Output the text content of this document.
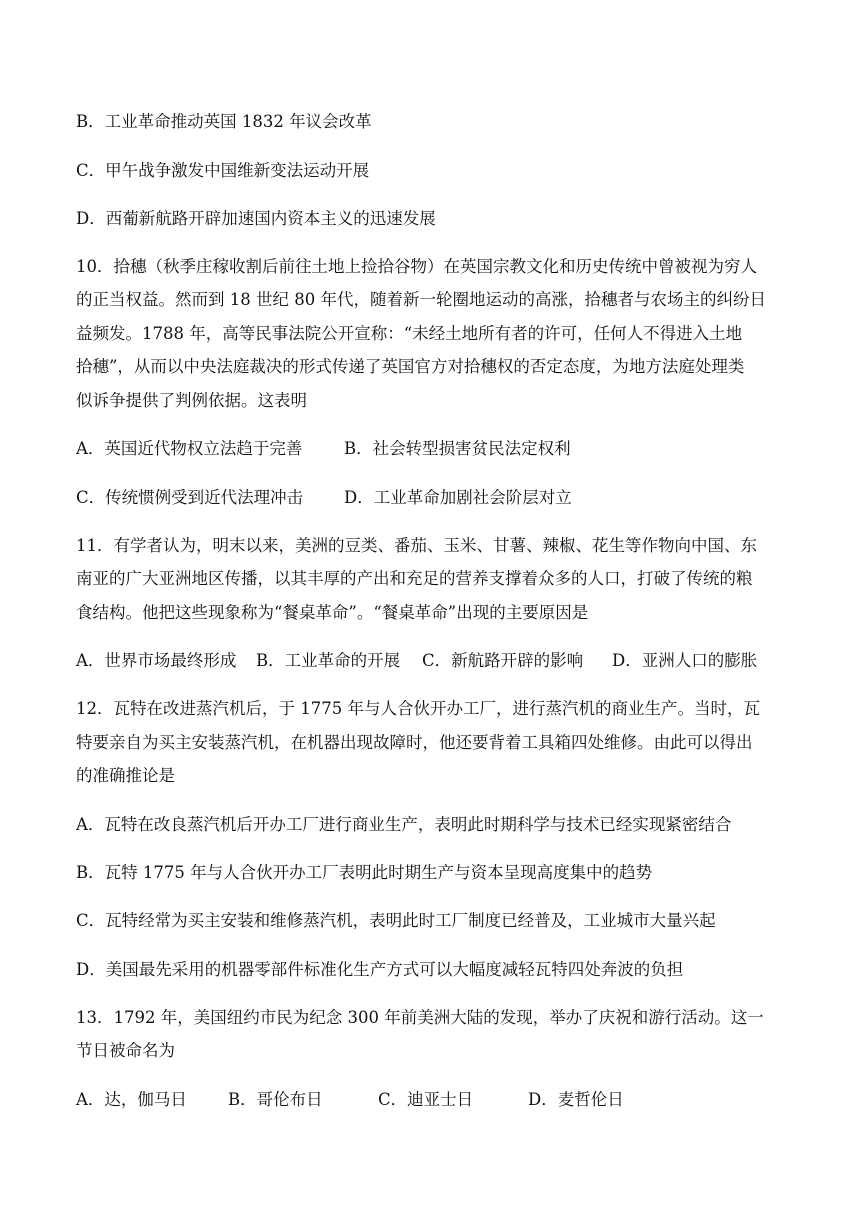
B．工业革命推动英国 1832 年议会改革
C．甲午战争激发中国维新变法运动开展
D．西葡新航路开辟加速国内资本主义的迅速发展
10．拾穗（秋季庄稼收割后前往土地上捡拾谷物）在英国宗教文化和历史传统中曾被视为穷人
的正当权益。然而到 18 世纪 80 年代，随着新一轮圈地运动的高涨，拾穗者与农场主的纠纷日
益频发。1788 年，高等民事法院公开宣称：“未经土地所有者的许可，任何人不得进入土地
拾穗”，从而以中央法庭裁决的形式传递了英国官方对拾穗权的否定态度，为地方法庭处理类
似诉争提供了判例依据。这表明
A．英国近代物权立法趋于完善	B．社会转型损害贫民法定权利
C．传统惯例受到近代法理冲击	D．工业革命加剧社会阶层对立
11．有学者认为，明末以来，美洲的豆类、番茄、玉米、甘薯、辣椒、花生等作物向中国、东
南亚的广大亚洲地区传播，以其丰厚的产出和充足的营养支撑着众多的人口，打破了传统的粮
食结构。他把这些现象称为“餐桌革命”。“餐桌革命”出现的主要原因是
A．世界市场最终形成	B．工业革命的开展	C．新航路开辟的影响	D．亚洲人口的膨胀
12．瓦特在改进蒸汽机后，于 1775 年与人合伙开办工厂，进行蒸汽机的商业生产。当时，瓦
特要亲自为买主安装蒸汽机，在机器出现故障时，他还要背着工具箱四处维修。由此可以得出
的准确推论是
A．瓦特在改良蒸汽机后开办工厂进行商业生产，表明此时期科学与技术已经实现紧密结合
B．瓦特 1775 年与人合伙开办工厂表明此时期生产与资本呈现高度集中的趋势
C．瓦特经常为买主安装和维修蒸汽机，表明此时工厂制度已经普及，工业城市大量兴起
D．美国最先采用的机器零部件标准化生产方式可以大幅度减轻瓦特四处奔波的负担
13．1792 年，美国纽约市民为纪念 300 年前美洲大陆的发现，举办了庆祝和游行活动。这一
节日被命名为
A．达，伽马日	B．哥伦布日	C．迪亚士日	D．麦哲伦日
